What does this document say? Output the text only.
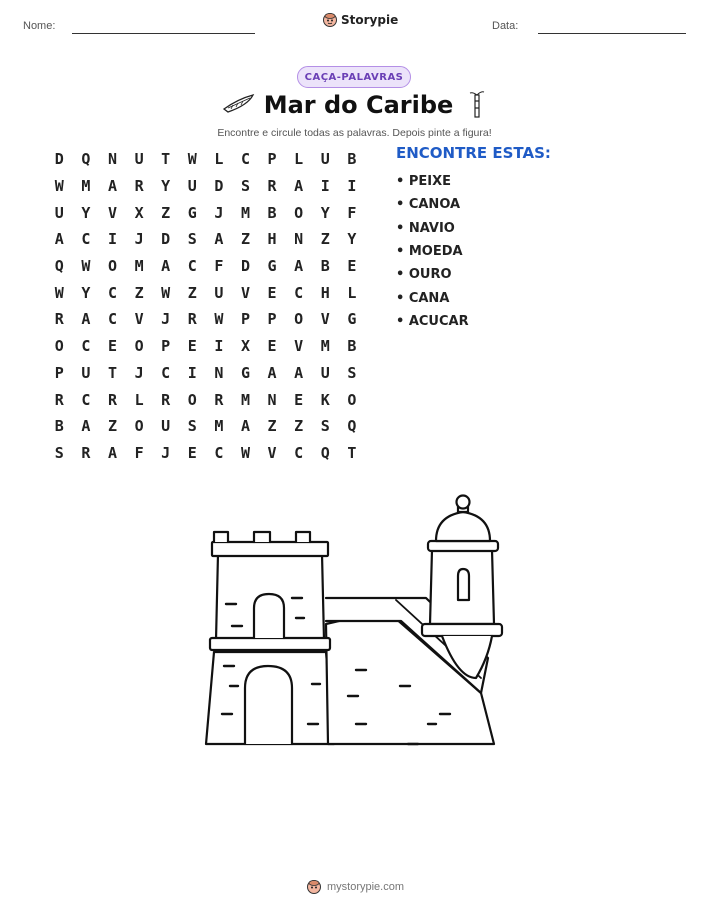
Nome:	Storypie	Data:
CAÇA-PALAVRAS
Mar do Caribe
Encontre e circule todas as palavras. Depois pinte a figura!
D	Q	N	U	T	W	L	C	P	L	U	B
W	M	A	R	Y	U	D	S	R	A	I	I
U	Y	V	X	Z	G	J	M	B	O	Y	F
A	C	I	J	D	S	A	Z	H	N	Z	Y
Q	W	O	M	A	C	F	D	G	A	B	E
W	Y	C	Z	W	Z	U	V	E	C	H	L
R	A	C	V	J	R	W	P	P	O	V	G
O	C	E	O	P	E	I	X	E	V	M	B
P	U	T	J	C	I	N	G	A	A	U	S
R	C	R	L	R	O	R	M	N	E	K	O
B	A	Z	O	U	S	M	A	Z	Z	S	Q
S	R	A	F	J	E	C	W	V	C	Q	T
ENCONTRE ESTAS:
• PEIXE
• CANOA
• NAVIO
• MOEDA
• OURO
• CANA
• ACUCAR
mystorypie.com
